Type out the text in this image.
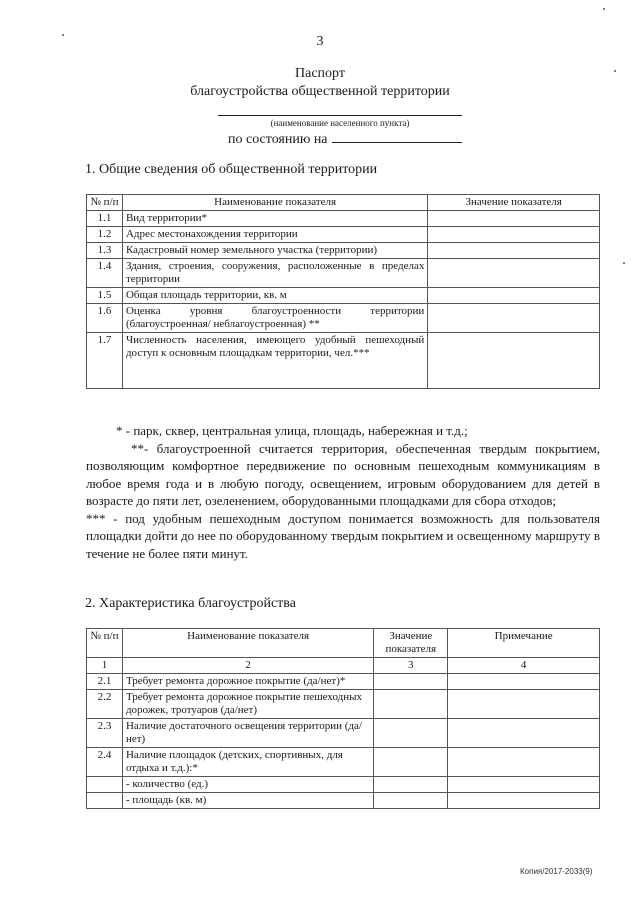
3
Паспорт
благоустройства общественной территории
(наименование населенного пункта)
по состоянию на
1. Общие сведения об общественной территории
№ п/п	Наименование показателя	Значение показателя
1.1	Вид территории*	
1.2	Адрес местонахождения территории	
1.3	Кадастровый номер земельного участка (территории)	
1.4	Здания, строения, сооружения, расположенные в пределах территории	
1.5	Общая площадь территории, кв. м	
1.6	Оценка уровня благоустроенности территории (благоустроенная/ неблагоустроенная) **	
1.7	Численность населения, имеющего удобный пешеходный доступ к основным площадкам территории, чел.***	

* - парк, сквер, центральная улица, площадь, набережная и т.д.;

**- благоустроенной считается территория, обеспеченная твердым покрытием, позволяющим комфортное передвижение по основным пешеходным коммуникациям в любое время года и в любую погоду, освещением, игровым оборудованием для детей в возрасте до пяти лет, озеленением, оборудованными площадками для сбора отходов;

*** - под удобным пешеходным доступом понимается возможность для пользователя площадки дойти до нее по оборудованному твердым покрытием и освещенному маршруту в течение не более пяти минут.

2. Характеристика благоустройства
№ п/п	Наименование показателя	Значение показателя	Примечание
1	2	3	4
2.1	Требует ремонта дорожное покрытие (да/нет)*		
2.2	Требует ремонта дорожное покрытие пешеходных дорожек, тротуаров (да/нет)		
2.3	Наличие достаточного освещения территории (да/нет)		
2.4	Наличие площадок (детских, спортивных, для отдыха и т.д.):*		
	- количество (ед.)		
	- площадь (кв. м)		
Копия/2017-2033(9)
